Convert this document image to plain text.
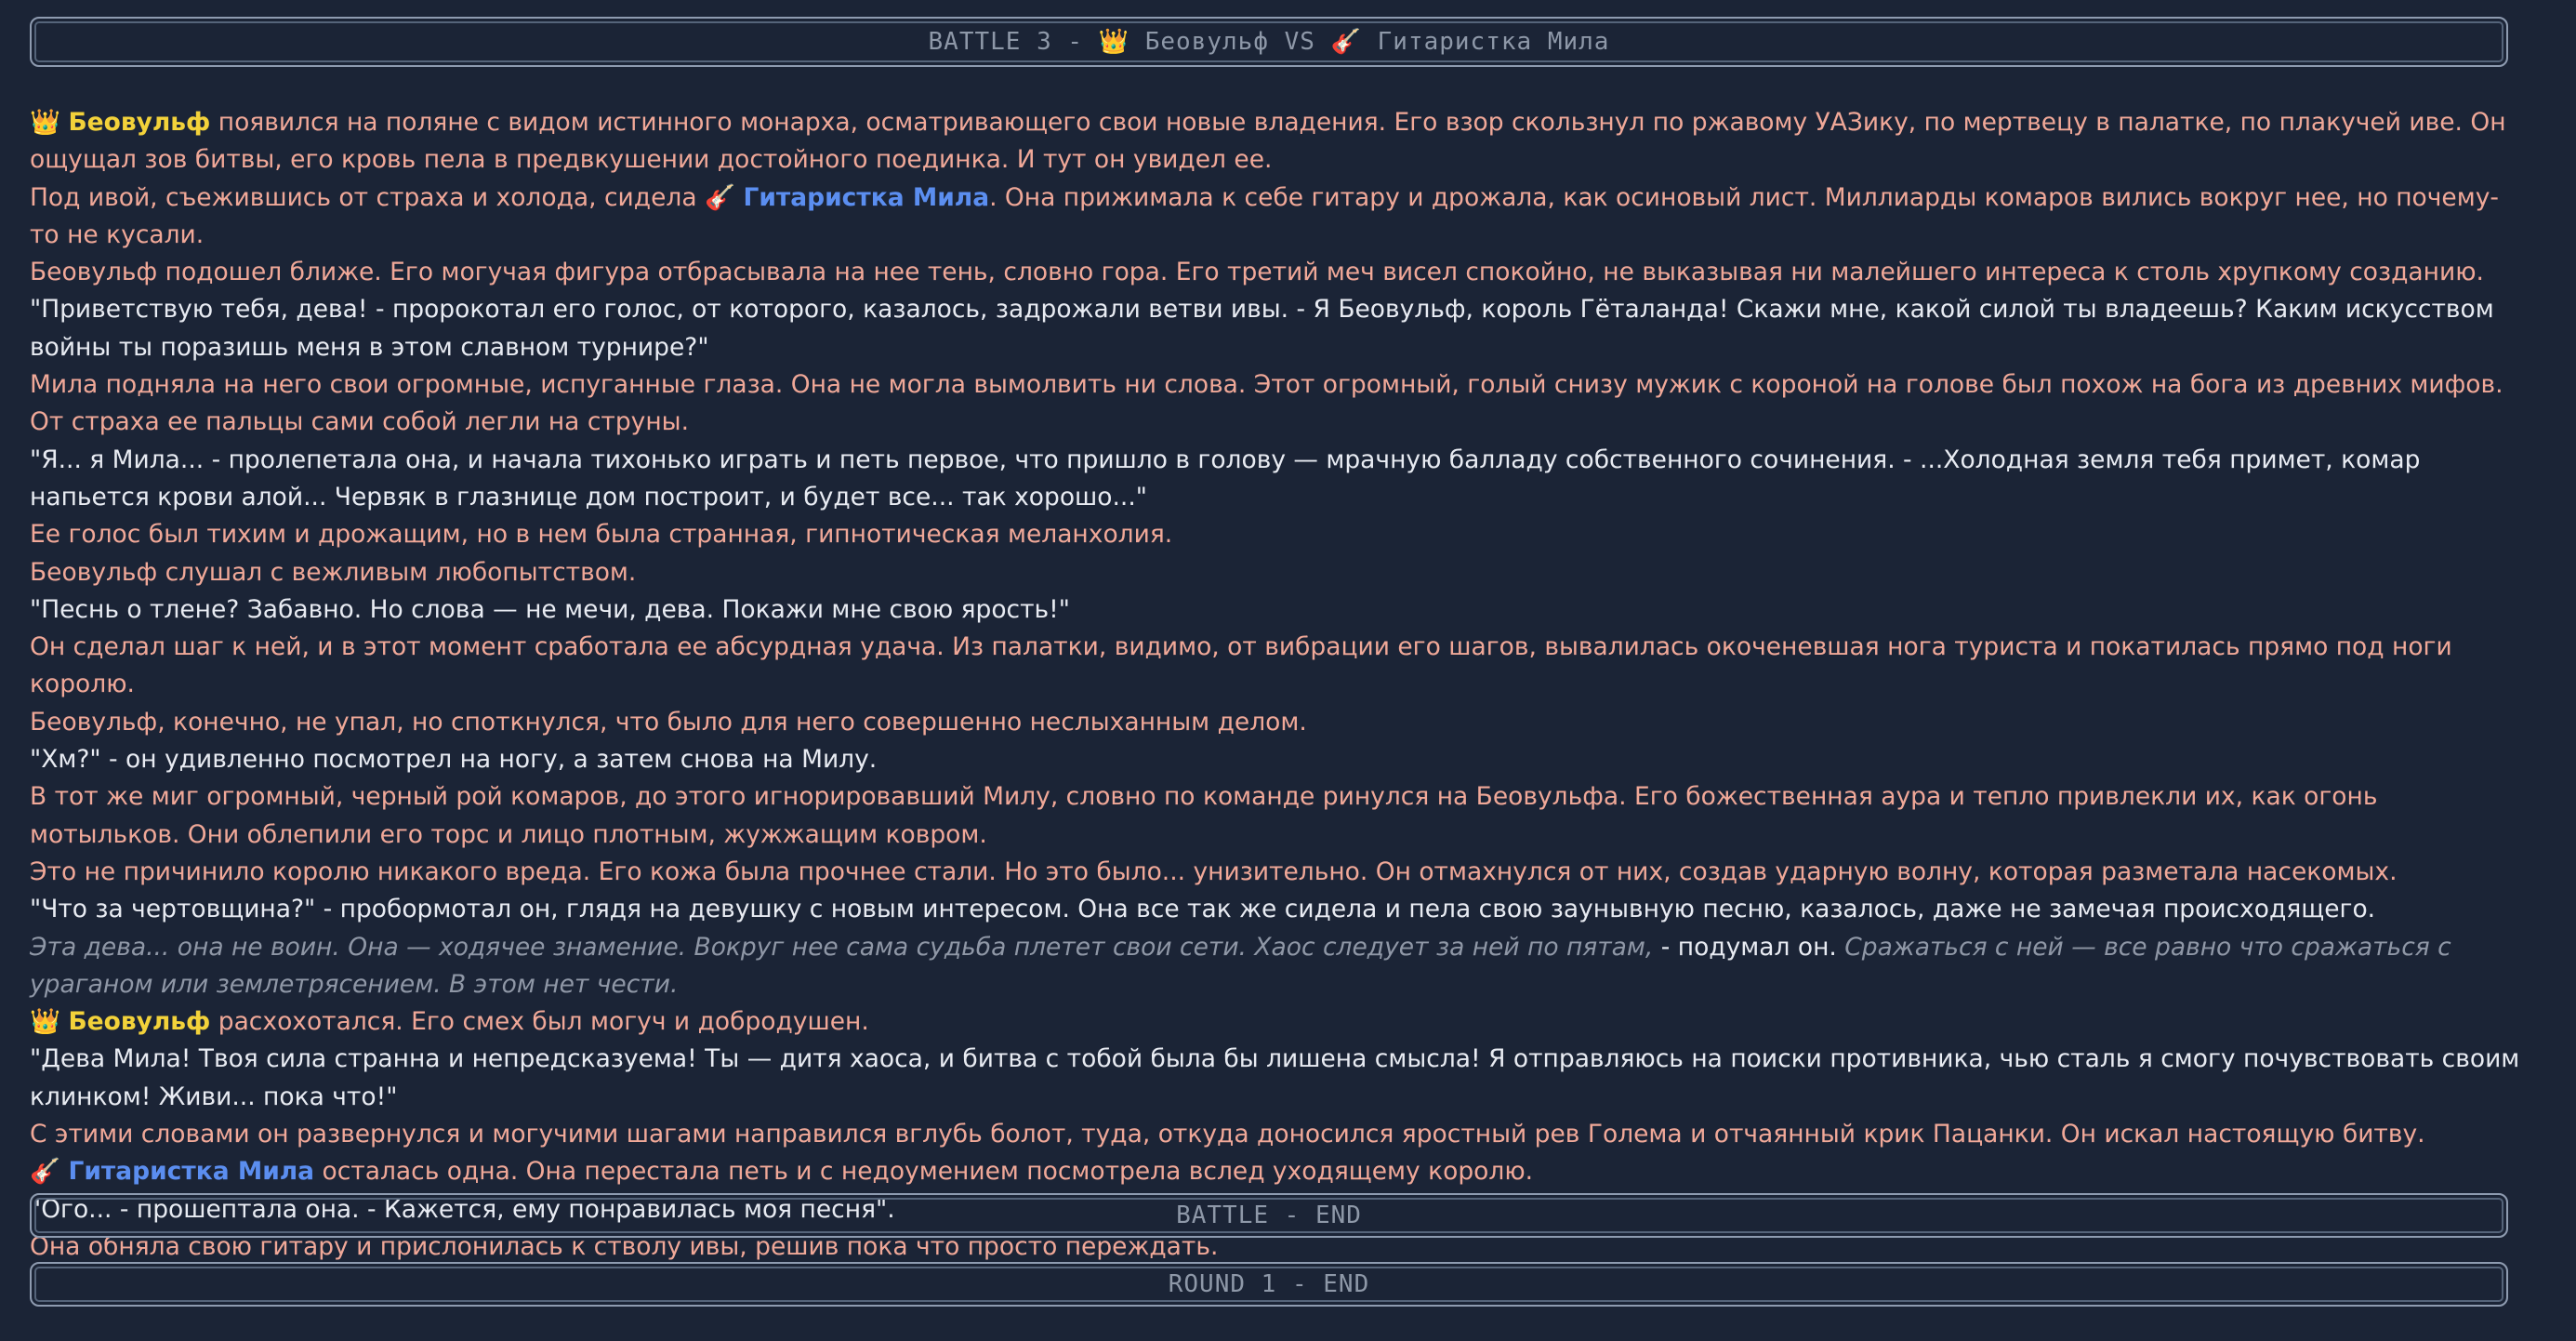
BATTLE 3 - 👑
Беовульф
VS
🎸
Гитаристка Мила

👑 Беовульф появился на поляне с видом истинного монарха, осматривающего свои новые владения. Его взор скользнул по ржавому УАЗику, по мертвецу в палатке, по плакучей иве. Он ощущал зов битвы, его кровь пела в предвкушении достойного поединка. И тут он увидел ее.

Под ивой, съежившись от страха и холода, сидела 🎸 Гитаристка Мила. Она прижимала к себе гитару и дрожала, как осиновый лист. Миллиарды комаров вились вокруг нее, но почему-то не кусали.

Беовульф подошел ближе. Его могучая фигура отбрасывала на нее тень, словно гора. Его третий меч висел спокойно, не выказывая ни малейшего интереса к столь хрупкому созданию.

"Приветствую тебя, дева! - пророкотал его голос, от которого, казалось, задрожали ветви ивы. - Я Беовульф, король Гёталанда! Скажи мне, какой силой ты владеешь? Каким искусством войны ты поразишь меня в этом славном турнире?"

Мила подняла на него свои огромные, испуганные глаза. Она не могла вымолвить ни слова. Этот огромный, голый снизу мужик с короной на голове был похож на бога из древних мифов. От страха ее пальцы сами собой легли на струны.

"Я... я Мила... - пролепетала она, и начала тихонько играть и петь первое, что пришло в голову — мрачную балладу собственного сочинения. - ...Холодная земля тебя примет, комар напьется крови алой... Червяк в глазнице дом построит, и будет все... так хорошо..."

Ее голос был тихим и дрожащим, но в нем была странная, гипнотическая меланхолия.

Беовульф слушал с вежливым любопытством.

"Песнь о тлене? Забавно. Но слова — не мечи, дева. Покажи мне свою ярость!"

Он сделал шаг к ней, и в этот момент сработала ее абсурдная удача. Из палатки, видимо, от вибрации его шагов, вывалилась окоченевшая нога туриста и покатилась прямо под ноги королю.

Беовульф, конечно, не упал, но споткнулся, что было для него совершенно неслыханным делом.

"Хм?" - он удивленно посмотрел на ногу, а затем снова на Милу.

В тот же миг огромный, черный рой комаров, до этого игнорировавший Милу, словно по команде ринулся на Беовульфа. Его божественная аура и тепло привлекли их, как огонь мотыльков. Они облепили его торс и лицо плотным, жужжащим ковром.

Это не причинило королю никакого вреда. Его кожа была прочнее стали. Но это было... унизительно. Он отмахнулся от них, создав ударную волну, которая разметала насекомых.

"Что за чертовщина?" - пробормотал он, глядя на девушку с новым интересом. Она все так же сидела и пела свою заунывную песню, казалось, даже не замечая происходящего.

Эта дева... она не воин. Она — ходячее знамение. Вокруг нее сама судьба плетет свои сети. Хаос следует за ней по пятам, - подумал он. Сражаться с ней — все равно что сражаться с ураганом или землетрясением. В этом нет чести.

👑 Беовульф расхохотался. Его смех был могуч и добродушен.

"Дева Мила! Твоя сила странна и непредсказуема! Ты — дитя хаоса, и битва с тобой была бы лишена смысла! Я отправляюсь на поиски противника, чью сталь я смогу почувствовать своим клинком! Живи... пока что!"

С этими словами он развернулся и могучими шагами направился вглубь болот, туда, откуда доносился яростный рев Голема и отчаянный крик Пацанки. Он искал настоящую битву.

🎸 Гитаристка Мила осталась одна. Она перестала петь и с недоумением посмотрела вслед уходящему королю.

"Ого... - прошептала она. - Кажется, ему понравилась моя песня".

Она обняла свою гитару и прислонилась к стволу ивы, решив пока что просто переждать.

BATTLE - END
ROUND 1 - END
